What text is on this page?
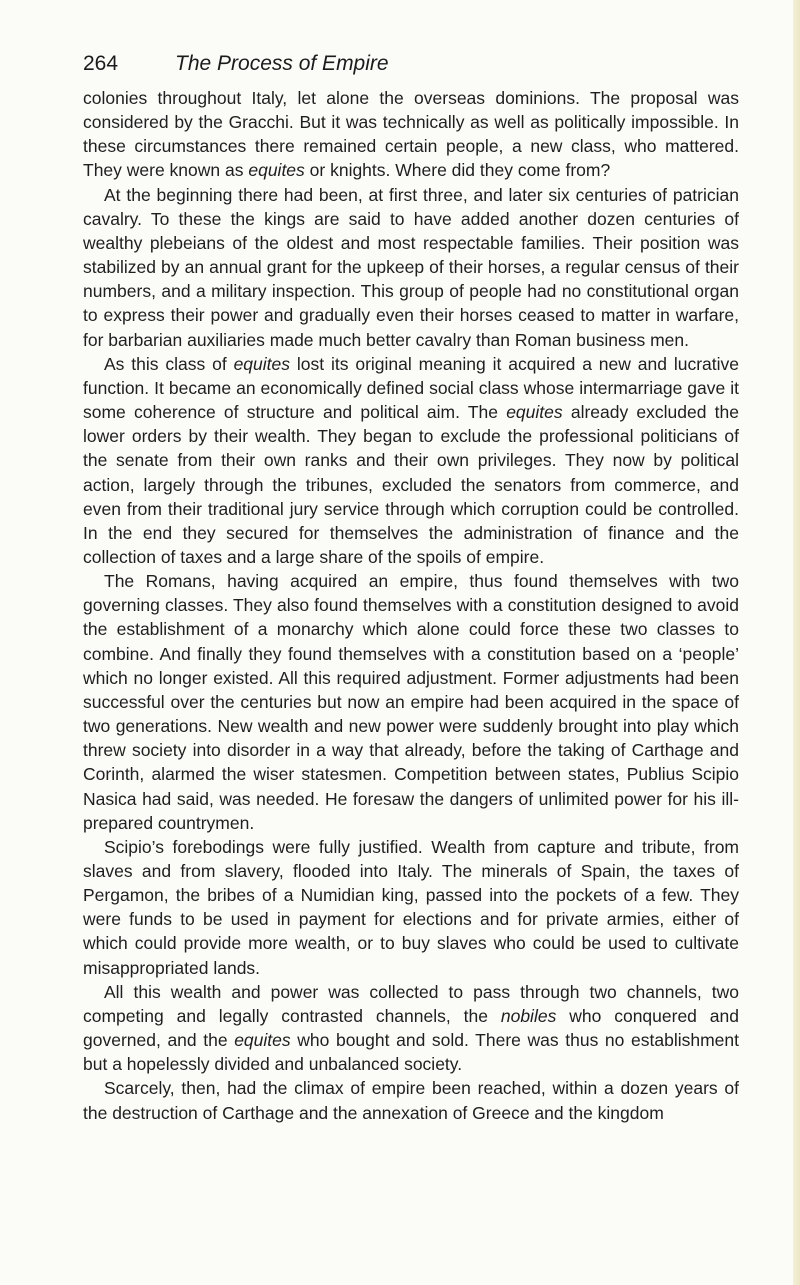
264	The Process of Empire

colonies throughout Italy, let alone the overseas dominions. The proposal was considered by the Gracchi. But it was technically as well as politically impossible. In these circumstances there remained certain people, a new class, who mattered. They were known as equites or knights. Where did they come from?

At the beginning there had been, at first three, and later six centuries of patrician cavalry. To these the kings are said to have added another dozen centuries of wealthy plebeians of the oldest and most respectable families. Their position was stabilized by an annual grant for the upkeep of their horses, a regular census of their numbers, and a military inspection. This group of people had no constitutional organ to express their power and gradually even their horses ceased to matter in warfare, for barbarian auxiliaries made much better cavalry than Roman business men.

As this class of equites lost its original meaning it acquired a new and lucrative function. It became an economically defined social class whose intermarriage gave it some coherence of structure and political aim. The equites already excluded the lower orders by their wealth. They began to exclude the professional politicians of the senate from their own ranks and their own privileges. They now by political action, largely through the tribunes, excluded the senators from commerce, and even from their traditional jury service through which corruption could be controlled. In the end they secured for themselves the administration of finance and the collection of taxes and a large share of the spoils of empire.

The Romans, having acquired an empire, thus found themselves with two governing classes. They also found themselves with a constitution designed to avoid the establishment of a monarchy which alone could force these two classes to combine. And finally they found themselves with a constitution based on a ‘people’ which no longer existed. All this required adjustment. Former adjustments had been successful over the centuries but now an empire had been acquired in the space of two generations. New wealth and new power were suddenly brought into play which threw society into disorder in a way that already, before the taking of Carthage and Corinth, alarmed the wiser statesmen. Competition between states, Publius Scipio Nasica had said, was needed. He foresaw the dangers of unlimited power for his ill-prepared countrymen.

Scipio’s forebodings were fully justified. Wealth from capture and tribute, from slaves and from slavery, flooded into Italy. The minerals of Spain, the taxes of Pergamon, the bribes of a Numidian king, passed into the pockets of a few. They were funds to be used in payment for elections and for private armies, either of which could provide more wealth, or to buy slaves who could be used to cultivate misappropriated lands.

All this wealth and power was collected to pass through two channels, two competing and legally contrasted channels, the nobiles who conquered and governed, and the equites who bought and sold. There was thus no establishment but a hopelessly divided and unbalanced society.

Scarcely, then, had the climax of empire been reached, within a dozen years of the destruction of Carthage and the annexation of Greece and the kingdom
